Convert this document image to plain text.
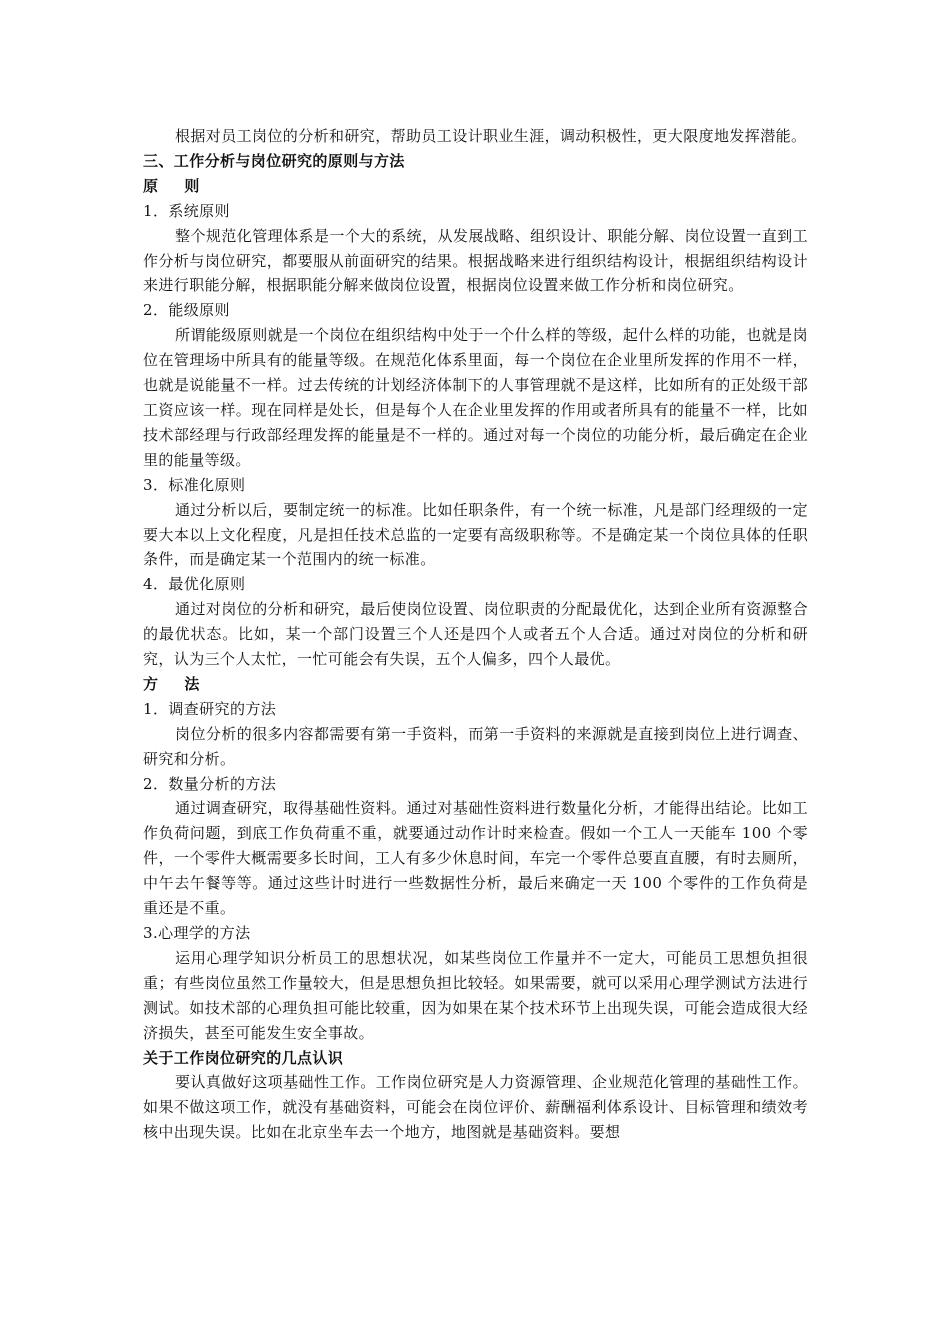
根据对员工岗位的分析和研究，帮助员工设计职业生涯，调动积极性，更大限度地发挥潜能。

三、工作分析与岗位研究的原则与方法

原 则

1．系统原则

整个规范化管理体系是一个大的系统，从发展战略、组织设计、职能分解、岗位设置一直到工作分析与岗位研究，都要服从前面研究的结果。根据战略来进行组织结构设计，根据组织结构设计来进行职能分解，根据职能分解来做岗位设置，根据岗位设置来做工作分析和岗位研究。

2．能级原则

所谓能级原则就是一个岗位在组织结构中处于一个什么样的等级，起什么样的功能，也就是岗位在管理场中所具有的能量等级。在规范化体系里面，每一个岗位在企业里所发挥的作用不一样，也就是说能量不一样。过去传统的计划经济体制下的人事管理就不是这样，比如所有的正处级干部工资应该一样。现在同样是处长，但是每个人在企业里发挥的作用或者所具有的能量不一样，比如技术部经理与行政部经理发挥的能量是不一样的。通过对每一个岗位的功能分析，最后确定在企业里的能量等级。

3．标准化原则

通过分析以后，要制定统一的标准。比如任职条件，有一个统一标准，凡是部门经理级的一定要大本以上文化程度，凡是担任技术总监的一定要有高级职称等。不是确定某一个岗位具体的任职条件，而是确定某一个范围内的统一标准。

4．最优化原则

通过对岗位的分析和研究，最后使岗位设置、岗位职责的分配最优化，达到企业所有资源整合的最优状态。比如，某一个部门设置三个人还是四个人或者五个人合适。通过对岗位的分析和研究，认为三个人太忙，一忙可能会有失误，五个人偏多，四个人最优。

方 法

1．调查研究的方法

岗位分析的很多内容都需要有第一手资料，而第一手资料的来源就是直接到岗位上进行调查、研究和分析。

2．数量分析的方法

通过调查研究，取得基础性资料。通过对基础性资料进行数量化分析，才能得出结论。比如工作负荷问题，到底工作负荷重不重，就要通过动作计时来检查。假如一个工人一天能车 100 个零件，一个零件大概需要多长时间，工人有多少休息时间，车完一个零件总要直直腰，有时去厕所，中午去午餐等等。通过这些计时进行一些数据性分析，最后来确定一天 100 个零件的工作负荷是重还是不重。

3.心理学的方法

运用心理学知识分析员工的思想状况，如某些岗位工作量并不一定大，可能员工思想负担很重；有些岗位虽然工作量较大，但是思想负担比较轻。如果需要，就可以采用心理学测试方法进行测试。如技术部的心理负担可能比较重，因为如果在某个技术环节上出现失误，可能会造成很大经济损失，甚至可能发生安全事故。

关于工作岗位研究的几点认识

要认真做好这项基础性工作。工作岗位研究是人力资源管理、企业规范化管理的基础性工作。如果不做这项工作，就没有基础资料，可能会在岗位评价、薪酬福利体系设计、目标管理和绩效考核中出现失误。比如在北京坐车去一个地方，地图就是基础资料。要想
